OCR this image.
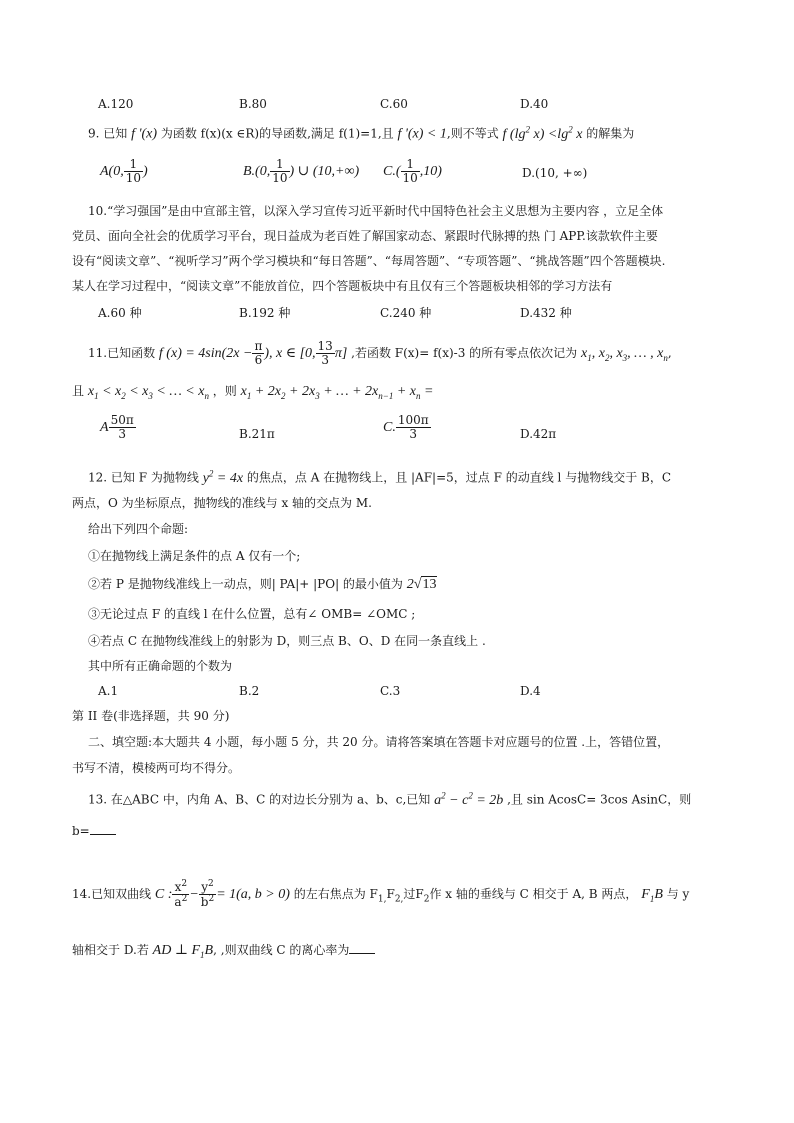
A.120	B.80	C.60	D.40
9. 已知 f '(x) 为函数 f(x)(x ∈R)的导函数,满足 f(1)=1,且 f '(x) < 1,则不等式 f ($\lg^2$ $x) <\lg^2$ x 的解集为
A(0, $\frac{1}{10}$ )	B.(0, $\frac{1}{10}$ ) ∪ (10,+∞) $C.( \frac{1}{10} ,10)$	D.(10, +∞)
10.“学习强国”是由中宣部主管，以深入学习宣传习近平新时代中国特色社会主义思想为主要内容 ，立足全体
党员、面向全社会的优质学习平台，现日益成为老百姓了解国家动态、紧跟时代脉搏的热 门 APP.该款软件主要
设有“阅读文章”、“视听学习”两个学习模块和“每日答题”、“每周答题”、“专项答题”、“挑战答题”四个答题模块.
某人在学习过程中，“阅读文章”不能放首位，四个答题板块中有且仅有三个答题板块相邻的学习方法有
A.60 种	B.192 种	C.240 种	D.432 种
11.已知函数 f $(x) = 4\sin(2x - \frac{\pi}{6}$ ), x ∈ [0, $\frac{13}{3} \pi$] ,若函数 F(x)= f(x)-3 的所有零点依次记为 $x_1$, $x_2$, $x_3$, … , $x_n$,
且 $x_1 < x_2 < x_3$ < … < $x_n$ ，则 $x_1 + 2x_2 + 2x_3$ + … + $2x_{n-1} + x_n$ =
A $\frac{50\pi}{3}$	B.21π	C. $\frac{100\pi}{3}$	D.42π
12. 已知 F 为抛物线 $y^2 = 4x$ 的焦点，点 A 在抛物线上，且 |AF|=5，过点 F 的动直线 l 与抛物线交于 B，C
两点，O 为坐标原点，抛物线的准线与 x 轴的交点为 M.
给出下列四个命题:
①在抛物线上满足条件的点 A 仅有一个;
②若 P 是抛物线准线上一动点，则| PA|+ |PO| 的最小值为 2√13
③无论过点 F 的直线 l 在什么位置，总有∠ OMB= ∠OMC ;
④若点 C 在抛物线准线上的射影为 D，则三点 B、O、D 在同一条直线上 .
其中所有正确命题的个数为
A.1	B.2	C.3	D.4
第 II 卷(非选择题，共 90 分)
二、填空题:本大题共 4 小题，每小题 5 分，共 20 分。请将答案填在答题卡对应题号的位置 .上，答错位置，
书写不清，模棱两可均不得分。
13. 在△ABC 中，内角 A、B、C 的对边长分别为 a、b、c,已知 $a^2 - c^2 = 2b$ ,且 sin AcosC= 3cos AsinC，则
b=
14.已知双曲线 C : $\frac{x^2}{a^2} - \frac{y^2}{b^2} = 1(a$, b > 0) 的左右焦点为 $F_{1,}F_{2,}$过$F_2$作 x 轴的垂线与 C 相交于 A, B 两点， $F_1B$ 与 y
轴相交于 D.若 AD ⊥ $F_1B$, ,则双曲线 C 的离心率为
